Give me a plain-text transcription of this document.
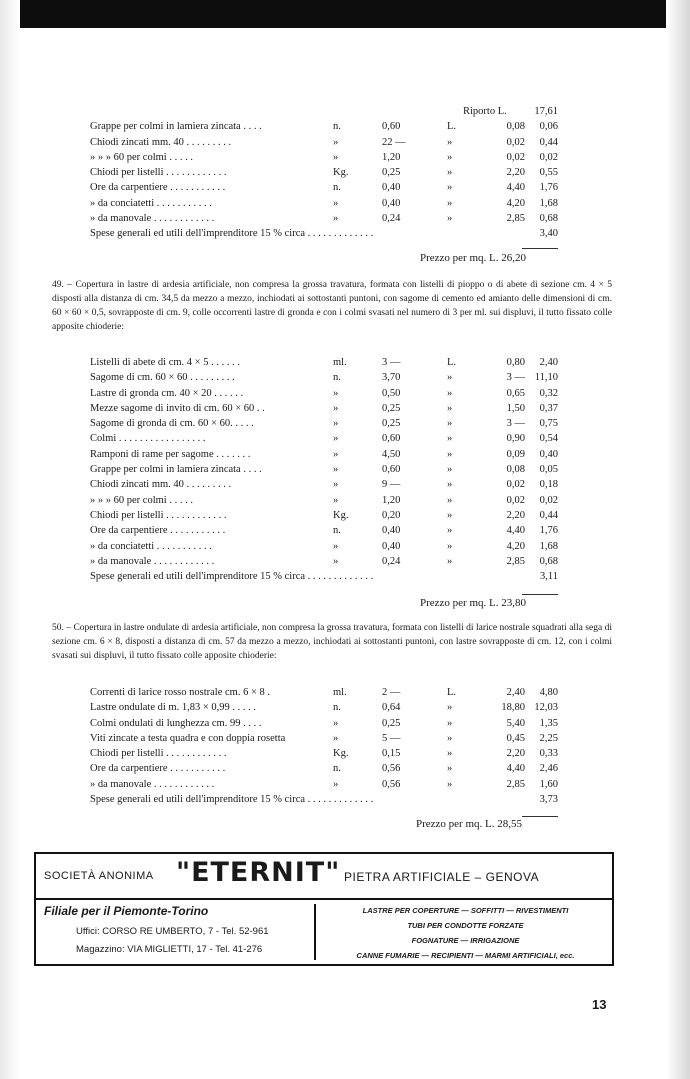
Riporto L.	17,61
Grappe per colmi in lamiera zincata . . . .	n.	0,60	L.	0,08	0,06
Chiodi zincati mm. 40 . . . . . . . . .	»	22 —	»	0,02	0,44
» » » 60 per colmi . . . . .	»	1,20	»	0,02	0,02
Chiodi per listelli . . . . . . . . . . . .	Kg.	0,25	»	2,20	0,55
Ore da carpentiere . . . . . . . . . . .	n.	0,40	»	4,40	1,76
» da conciatetti . . . . . . . . . . .	»	0,40	»	4,20	1,68
» da manovale . . . . . . . . . . . .	»	0,24	»	2,85	0,68
Spese generali ed utili dell'imprenditore 15 % circa . . . . . . . . . . . . .	3,40
Prezzo per mq. L. 26,20
49. – Copertura in lastre di ardesia artificiale, non compresa la grossa travatura, formata con listelli di pioppo o di abete di sezione cm. 4 × 5 disposti alla distanza di cm. 34,5 da mezzo a mezzo, inchiodati ai sottostanti puntoni, con sagome di cemento ed amianto delle dimensioni di cm. 60 × 60 × 0,5, sovrapposte di cm. 9, colle occorrenti lastre di gronda e con i colmi svasati nel numero di 3 per ml. sui displuvi, il tutto fissato colle apposite chioderie:
Listelli di abete di cm. 4 × 5 . . . . . .	ml.	3 —	L.	0,80	2,40
Sagome di cm. 60 × 60 . . . . . . . . .	n.	3,70	»	3 — 11,10
Lastre di gronda cm. 40 × 20 . . . . . .	»	0,50	»	0,65	0,32
Mezze sagome di invito di cm. 60 × 60 . .	»	0,25	»	1,50	0,37
Sagome di gronda di cm. 60 × 60. . . . .	»	0,25	»	3 —	0,75
Colmi . . . . . . . . . . . . . . . . .	»	0,60	»	0,90	0,54
Ramponi di rame per sagome . . . . . . .	»	4,50	»	0,09	0,40
Grappe per colmi in lamiera zincata . . . .	»	0,60	»	0,08	0,05
Chiodi zincati mm. 40 . . . . . . . . .	»	9 —	»	0,02	0,18
» » » 60 per colmi . . . . .	»	1,20	»	0,02	0,02
Chiodi per listelli . . . . . . . . . . . .	Kg.	0,20	»	2,20	0,44
Ore da carpentiere . . . . . . . . . . .	n.	0,40	»	4,40	1,76
» da conciatetti . . . . . . . . . . .	»	0,40	»	4,20	1,68
» da manovale . . . . . . . . . . . .	»	0,24	»	2,85	0,68
Spese generali ed utili dell'imprenditore 15 % circa . . . . . . . . . . . . .	3,11
Prezzo per mq. L. 23,80
50. – Copertura in lastre ondulate di ardesia artificiale, non compresa la grossa travatura, formata con listelli di larice nostrale squadrati alla sega di sezione cm. 6 × 8, disposti a distanza di cm. 57 da mezzo a mezzo, inchiodati ai sottostanti puntoni, con lastre sovrapposte di cm. 12, con i colmi svasati sui displuvi, il tutto fissato colle apposite chioderie:
Correnti di larice rosso nostrale cm. 6 × 8 .	ml.	2 —	L.	2,40	4,80
Lastre ondulate di m. 1,83 × 0,99 . . . . .	n.	0,64	»	18,80 12,03
Colmi ondulati di lunghezza cm. 99 . . . .	»	0,25	»	5,40	1,35
Viti zincate a testa quadra e con doppia rosetta	»	5 —	»	0,45	2,25
Chiodi per listelli . . . . . . . . . . . .	Kg.	0,15	»	2,20	0,33
Ore da carpentiere . . . . . . . . . . .	n.	0,56	»	4,40	2,46
» da manovale . . . . . . . . . . . .	»	0,56	»	2,85	1,60
Spese generali ed utili dell'imprenditore 15 % circa . . . . . . . . . . . . .	3,73
Prezzo per mq. L. 28,55
SOCIETÀ ANONIMA "ETERNIT" PIETRA ARTIFICIALE – GENOVA
Filiale per il Piemonte-Torino
Uffici: CORSO RE UMBERTO, 7 - Tel. 52-961
Magazzino: VIA MIGLIETTI, 17 - Tel. 41-276
LASTRE PER COPERTURE — SOFFITTI — RIVESTIMENTI
TUBI PER CONDOTTE FORZATE
FOGNATURE — IRRIGAZIONE
CANNE FUMARIE — RECIPIENTI — MARMI ARTIFICIALI, ecc.
13
